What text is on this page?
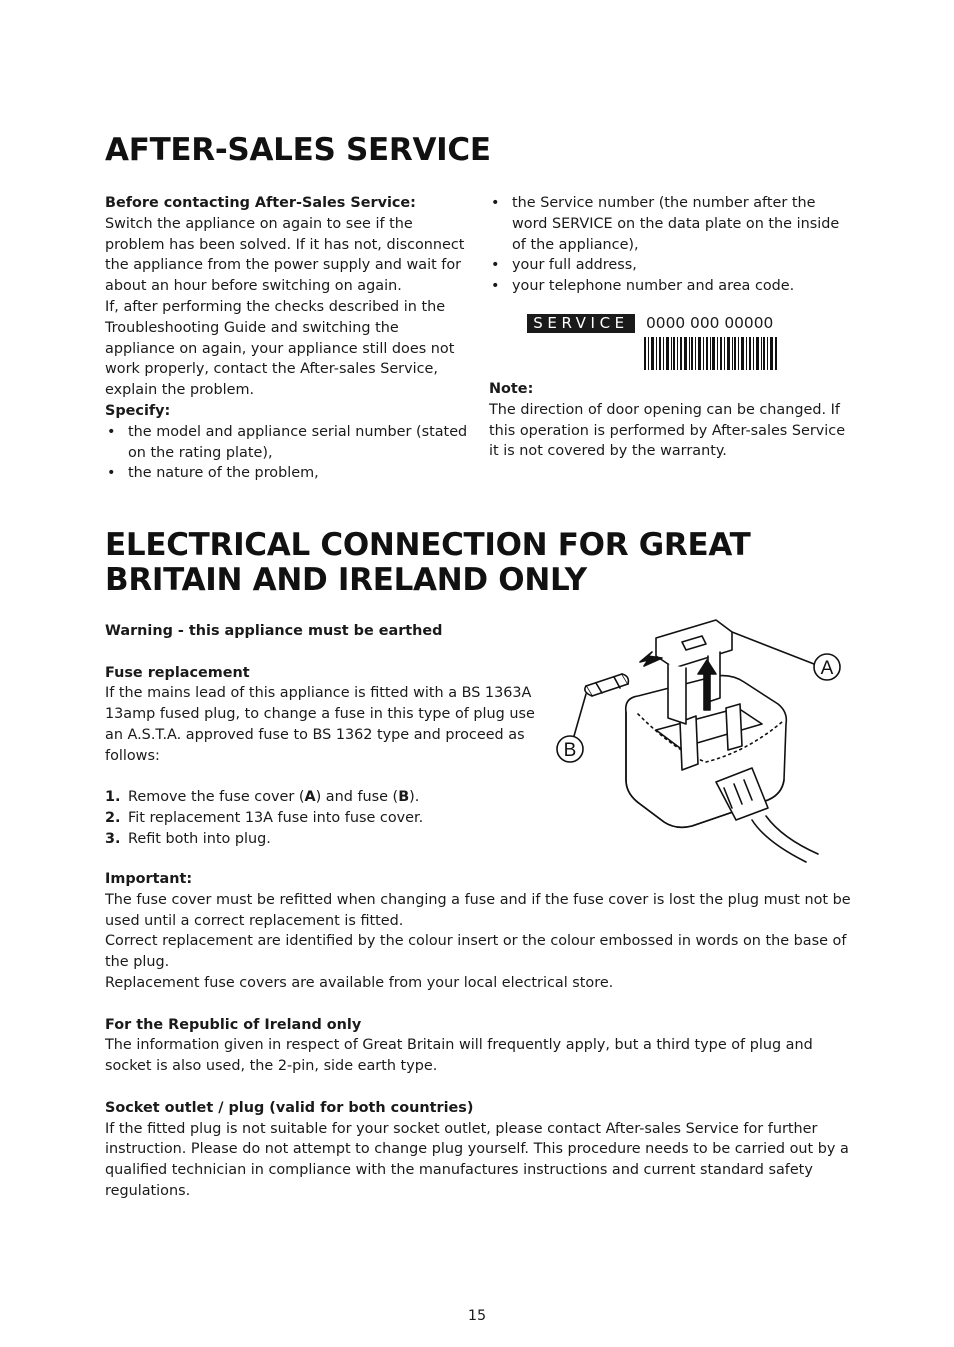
AFTER-SALES SERVICE

Before contacting After-Sales Service:

Switch the appliance on again to see if the problem has been solved. If it has not, disconnect the appliance from the power supply and wait for about an hour before switching on again.

If, after performing the checks described in the Troubleshooting Guide and switching the appliance on again, your appliance still does not work properly, contact the After-sales Service, explain the problem.

Specify:

• the model and appliance serial number (stated on the rating plate),
• the nature of the problem,
• the Service number (the number after the word SERVICE on the data plate on the inside of the appliance),
• your full address,
• your telephone number and area code.
SERVICE	0000 000 00000

Note:

The direction of door opening can be changed. If this operation is performed by After-sales Service it is not covered by the warranty.

ELECTRICAL CONNECTION FOR GREAT
BRITAIN AND IRELAND ONLY

Warning - this appliance must be earthed

Fuse replacement

If the mains lead of this appliance is fitted with a BS 1363A 13amp fused plug, to change a fuse in this type of plug use an A.S.T.A. approved fuse to BS 1362 type and proceed as follows:

1. Remove the fuse cover (A) and fuse (B).
2. Fit replacement 13A fuse into fuse cover.
3. Refit both into plug.
A
B

Important:

The fuse cover must be refitted when changing a fuse and if the fuse cover is lost the plug must not be used until a correct replacement is fitted.

Correct replacement are identified by the colour insert or the colour embossed in words on the base of the plug.

Replacement fuse covers are available from your local electrical store.

For the Republic of Ireland only

The information given in respect of Great Britain will frequently apply, but a third type of plug and socket is also used, the 2-pin, side earth type.

Socket outlet / plug (valid for both countries)

If the fitted plug is not suitable for your socket outlet, please contact After-sales Service for further instruction. Please do not attempt to change plug yourself. This procedure needs to be carried out by a qualified technician in compliance with the manufactures instructions and current standard safety regulations.

15
